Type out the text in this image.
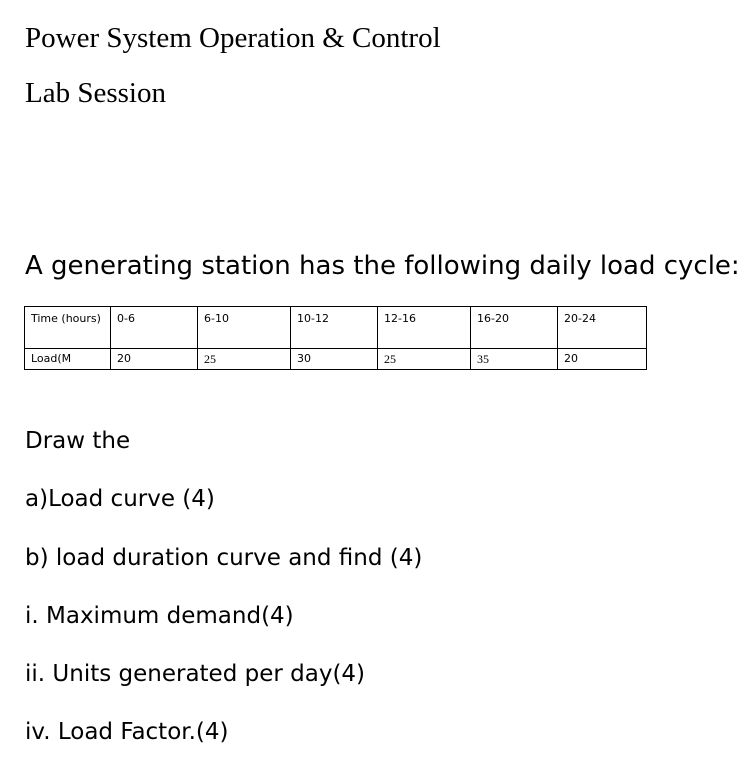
Power System Operation & Control
Lab Session
A generating station has the following daily load cycle:
Time (hours)	0-6	6-10	10-12	12-16	16-20	20-24
Load(M	20	25	30	25	35	20
Draw the
a)Load curve (4)
b) load duration curve and find (4)
i. Maximum demand(4)
ii. Units generated per day(4)
iv. Load Factor.(4)
